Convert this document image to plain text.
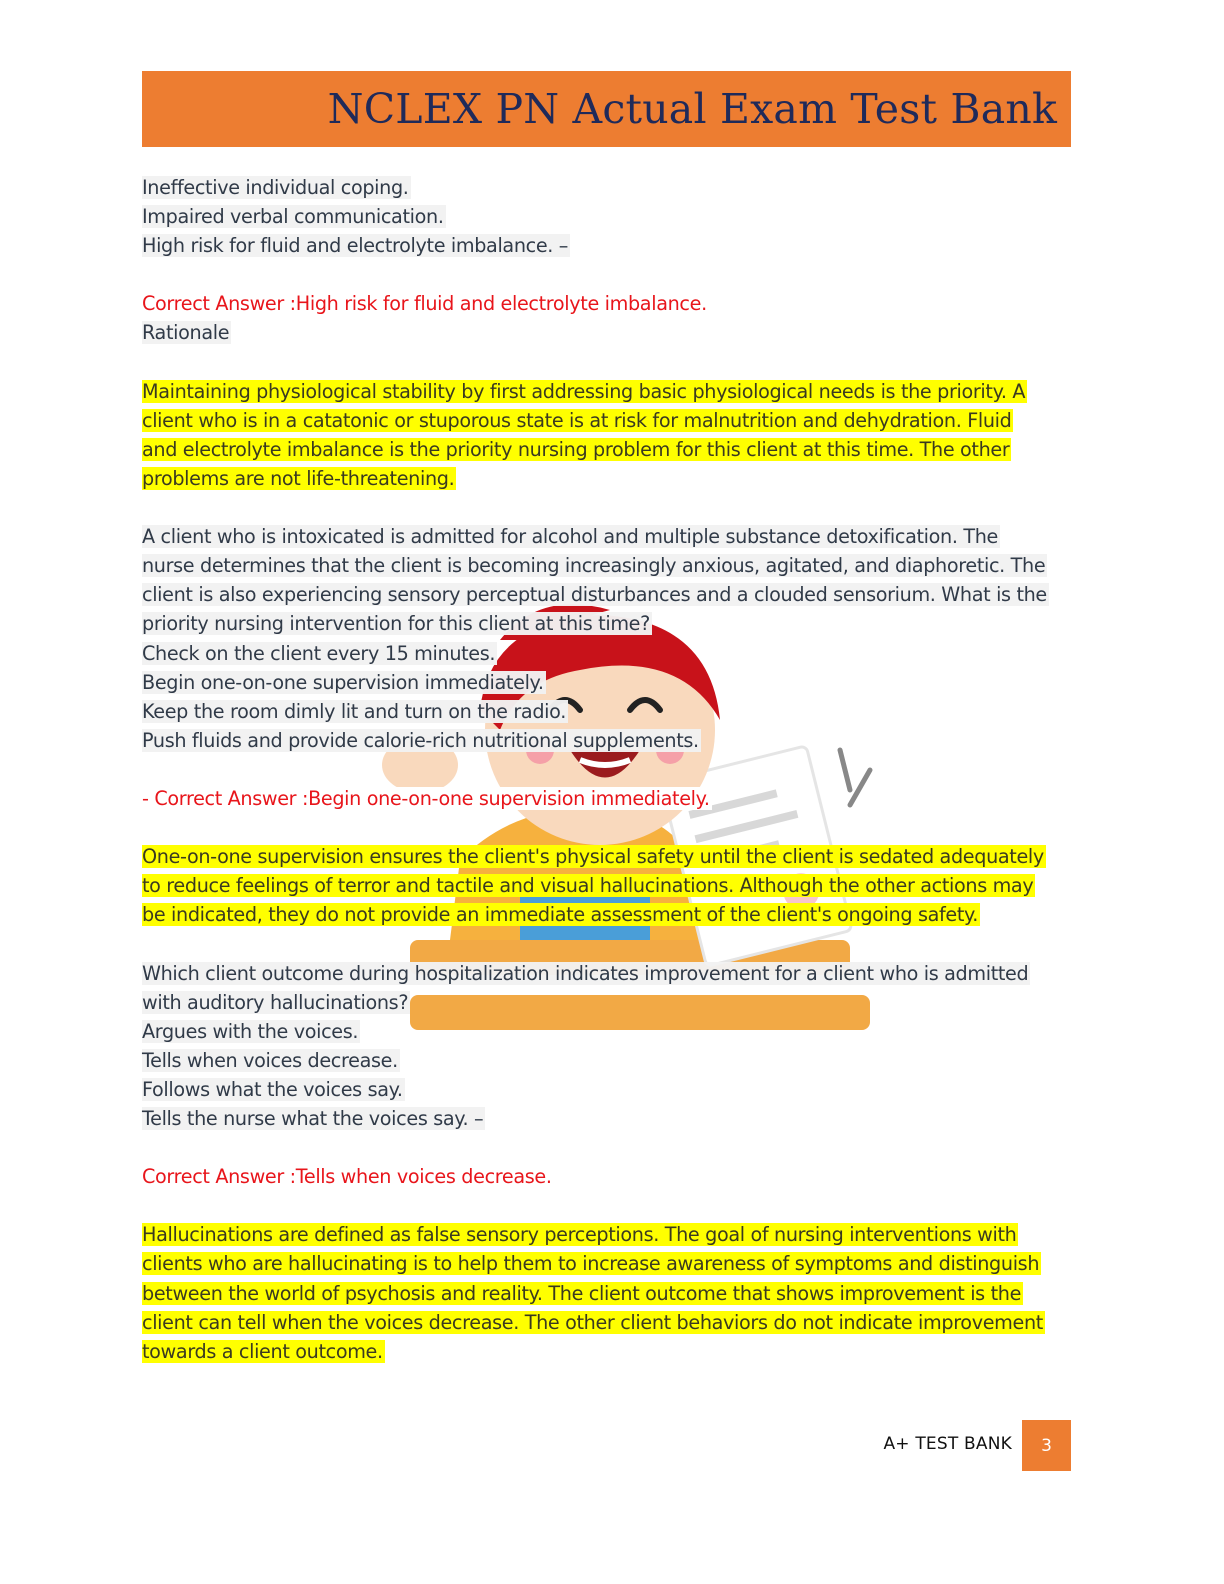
NCLEX PN Actual Exam Test Bank

Ineffective individual coping.

Impaired verbal communication.

High risk for fluid and electrolyte imbalance. –

Correct Answer :High risk for fluid and electrolyte imbalance.

Rationale

Maintaining physiological stability by first addressing basic physiological needs is the priority. A

client who is in a catatonic or stuporous state is at risk for malnutrition and dehydration. Fluid

and electrolyte imbalance is the priority nursing problem for this client at this time. The other

problems are not life-threatening.

A client who is intoxicated is admitted for alcohol and multiple substance detoxification. The

nurse determines that the client is becoming increasingly anxious, agitated, and diaphoretic. The

client is also experiencing sensory perceptual disturbances and a clouded sensorium. What is the

priority nursing intervention for this client at this time?

Check on the client every 15 minutes.

Begin one-on-one supervision immediately.

Keep the room dimly lit and turn on the radio.

Push fluids and provide calorie-rich nutritional supplements.

- Correct Answer :Begin one-on-one supervision immediately.

One-on-one supervision ensures the client's physical safety until the client is sedated adequately

to reduce feelings of terror and tactile and visual hallucinations. Although the other actions may

be indicated, they do not provide an immediate assessment of the client's ongoing safety.

Which client outcome during hospitalization indicates improvement for a client who is admitted

with auditory hallucinations?

Argues with the voices.

Tells when voices decrease.

Follows what the voices say.

Tells the nurse what the voices say. –

Correct Answer :Tells when voices decrease.

Hallucinations are defined as false sensory perceptions. The goal of nursing interventions with

clients who are hallucinating is to help them to increase awareness of symptoms and distinguish

between the world of psychosis and reality. The client outcome that shows improvement is the

client can tell when the voices decrease. The other client behaviors do not indicate improvement

towards a client outcome.

A+ TEST BANK	3
